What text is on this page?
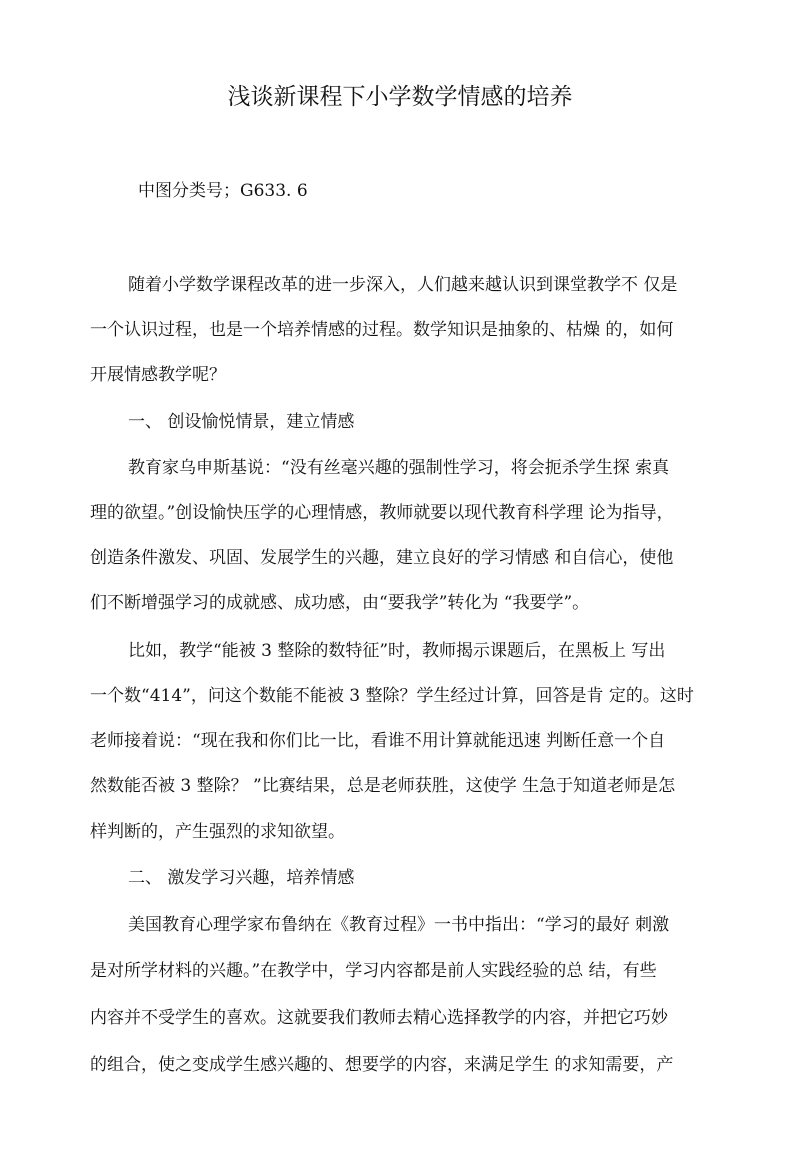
浅谈新课程下小学数学情感的培养
中图分类号；G633. 6
随着小学数学课程改革的进一步深入，人们越来越认识到课堂教学不 仅是
一个认识过程，也是一个培养情感的过程。数学知识是抽象的、枯燥 的，如何
开展情感教学呢？
一、 创设愉悦情景，建立情感
教育家乌申斯基说：“没有丝毫兴趣的强制性学习，将会扼杀学生探 索真
理的欲望。”创设愉快压学的心理情感，教师就要以现代教育科学理 论为指导，
创造条件激发、巩固、发展学生的兴趣，建立良好的学习情感 和自信心，使他
们不断增强学习的成就感、成功感，由“要我学”转化为 “我要学”。
比如，教学“能被 3 整除的数特征”时，教师揭示课题后，在黑板上 写出
一个数“414”，问这个数能不能被 3 整除？学生经过计算，回答是肯 定的。这时
老师接着说：“现在我和你们比一比，看谁不用计算就能迅速 判断任意一个自
然数能否被 3 整除？ ”比赛结果，总是老师获胜，这使学 生急于知道老师是怎
样判断的，产生强烈的求知欲望。
二、 激发学习兴趣，培养情感
美国教育心理学家布鲁纳在《教育过程》一书中指出：“学习的最好 刺激
是对所学材料的兴趣。”在教学中，学习内容都是前人实践经验的总 结，有些
内容并不受学生的喜欢。这就要我们教师去精心选择教学的内容，并把它巧妙
的组合，使之变成学生感兴趣的、想要学的内容，来满足学生 的求知需要，产
